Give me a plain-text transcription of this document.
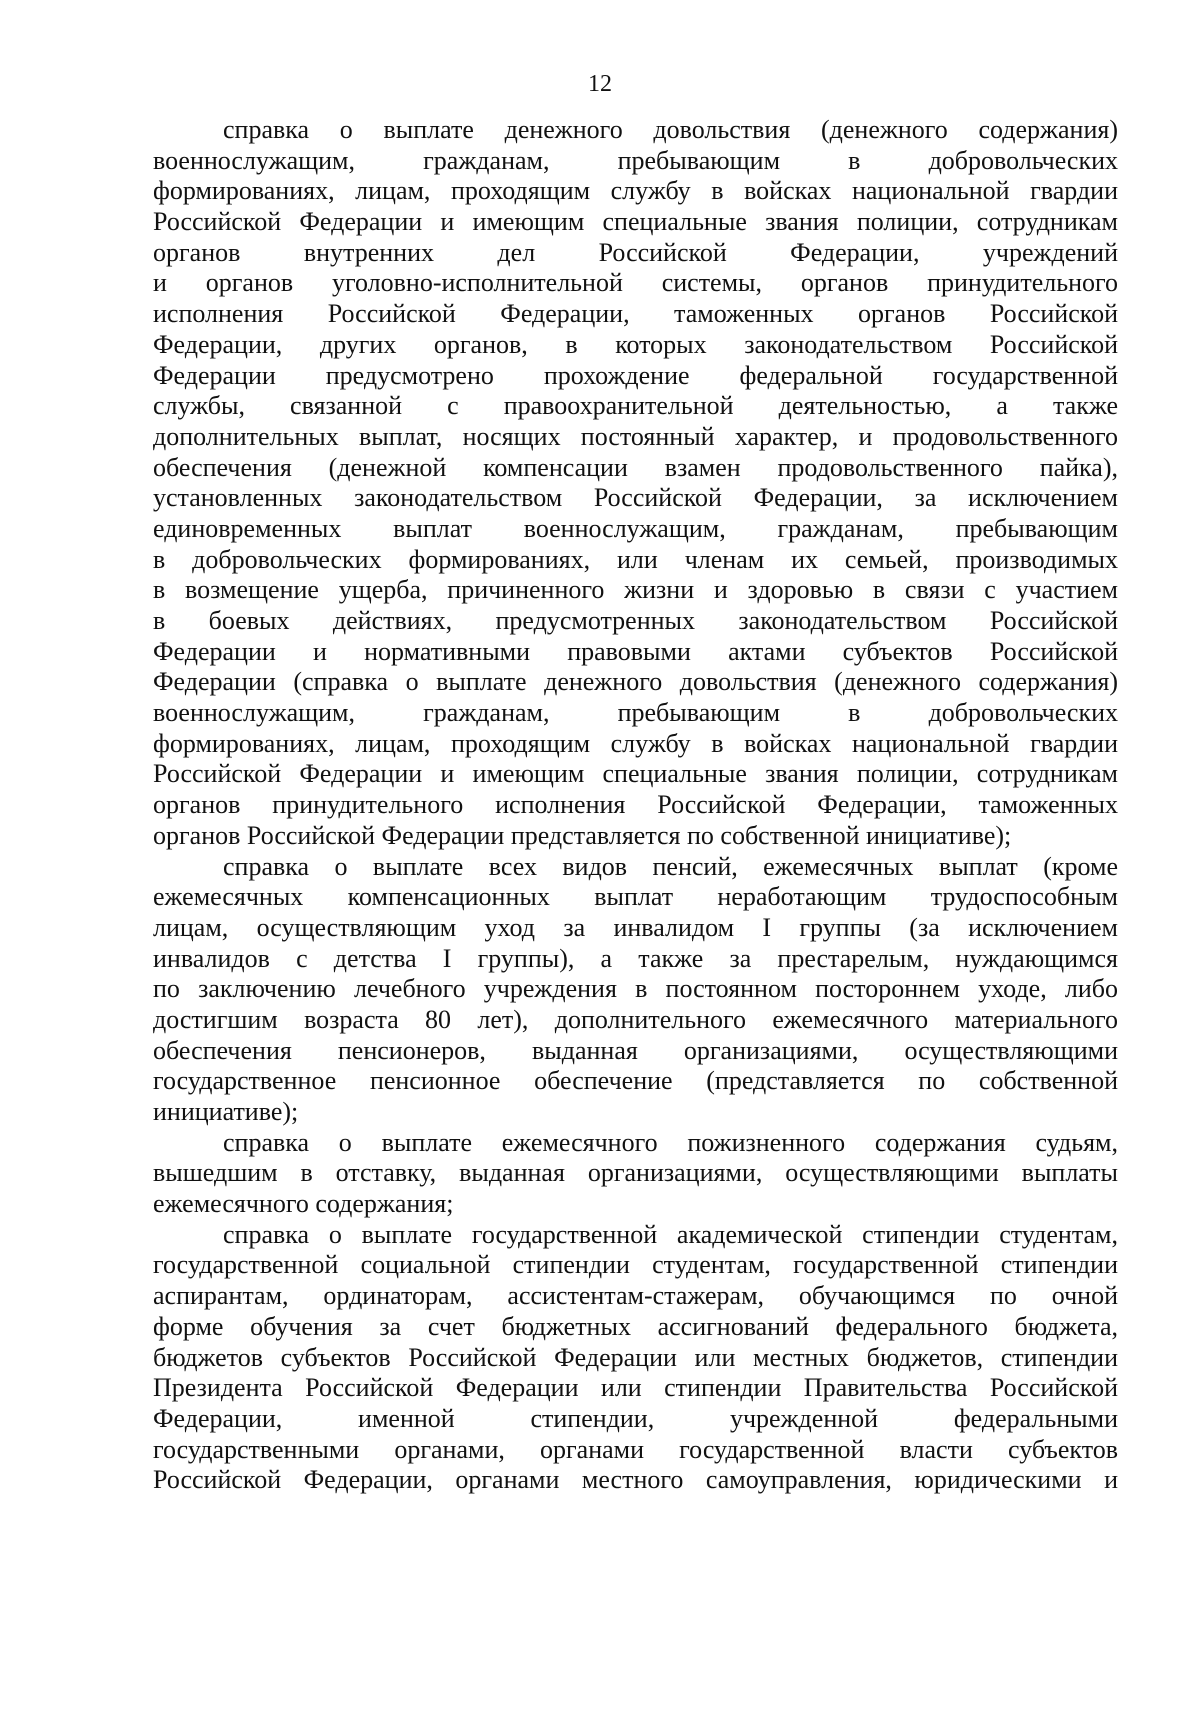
12
справка о выплате денежного довольствия (денежного содержания)
военнослужащим, гражданам, пребывающим в добровольческих
формированиях, лицам, проходящим службу в войсках национальной гвардии
Российской Федерации и имеющим специальные звания полиции, сотрудникам
органов внутренних дел Российской Федерации, учреждений
и органов уголовно-исполнительной системы, органов принудительного
исполнения Российской Федерации, таможенных органов Российской
Федерации, других органов, в которых законодательством Российской
Федерации предусмотрено прохождение федеральной государственной
службы, связанной с правоохранительной деятельностью, а также
дополнительных выплат, носящих постоянный характер, и продовольственного
обеспечения (денежной компенсации взамен продовольственного пайка),
установленных законодательством Российской Федерации, за исключением
единовременных выплат военнослужащим, гражданам, пребывающим
в добровольческих формированиях, или членам их семьей, производимых
в возмещение ущерба, причиненного жизни и здоровью в связи с участием
в боевых действиях, предусмотренных законодательством Российской
Федерации и нормативными правовыми актами субъектов Российской
Федерации (справка о выплате денежного довольствия (денежного содержания)
военнослужащим, гражданам, пребывающим в добровольческих
формированиях, лицам, проходящим службу в войсках национальной гвардии
Российской Федерации и имеющим специальные звания полиции, сотрудникам
органов принудительного исполнения Российской Федерации, таможенных
органов Российской Федерации представляется по собственной инициативе);
справка о выплате всех видов пенсий, ежемесячных выплат (кроме
ежемесячных компенсационных выплат неработающим трудоспособным
лицам, осуществляющим уход за инвалидом I группы (за исключением
инвалидов с детства I группы), а также за престарелым, нуждающимся
по заключению лечебного учреждения в постоянном постороннем уходе, либо
достигшим возраста 80 лет), дополнительного ежемесячного материального
обеспечения пенсионеров, выданная организациями, осуществляющими
государственное пенсионное обеспечение (представляется по собственной
инициативе);
справка о выплате ежемесячного пожизненного содержания судьям,
вышедшим в отставку, выданная организациями, осуществляющими выплаты
ежемесячного содержания;
справка о выплате государственной академической стипендии студентам,
государственной социальной стипендии студентам, государственной стипендии
аспирантам, ординаторам, ассистентам-стажерам, обучающимся по очной
форме обучения за счет бюджетных ассигнований федерального бюджета,
бюджетов субъектов Российской Федерации или местных бюджетов, стипендии
Президента Российской Федерации или стипендии Правительства Российской
Федерации, именной стипендии, учрежденной федеральными
государственными органами, органами государственной власти субъектов
Российской Федерации, органами местного самоуправления, юридическими и
